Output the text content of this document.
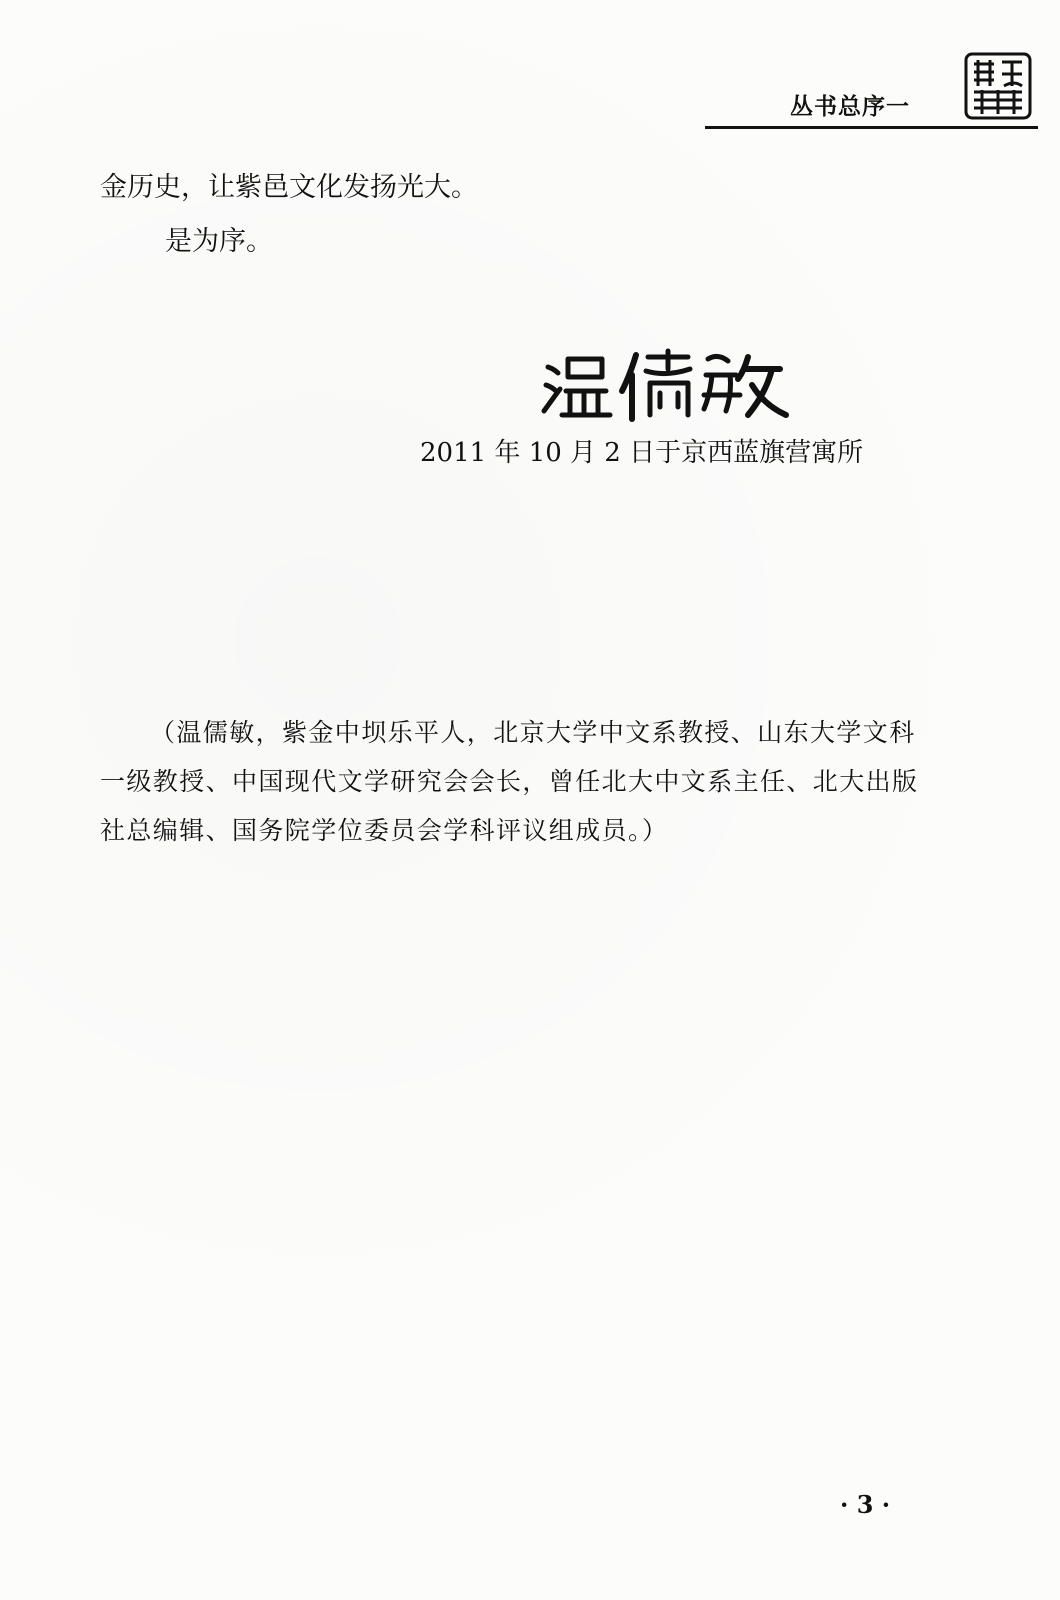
丛书总序一
金历史，让紫邑文化发扬光大。
是为序。
2011 年 10 月 2 日于京西蓝旗营寓所
（温儒敏，紫金中坝乐平人，北京大学中文系教授、山东大学文科
一级教授、中国现代文学研究会会长，曾任北大中文系主任、北大出版
社总编辑、国务院学位委员会学科评议组成员。）
· 3 ·
